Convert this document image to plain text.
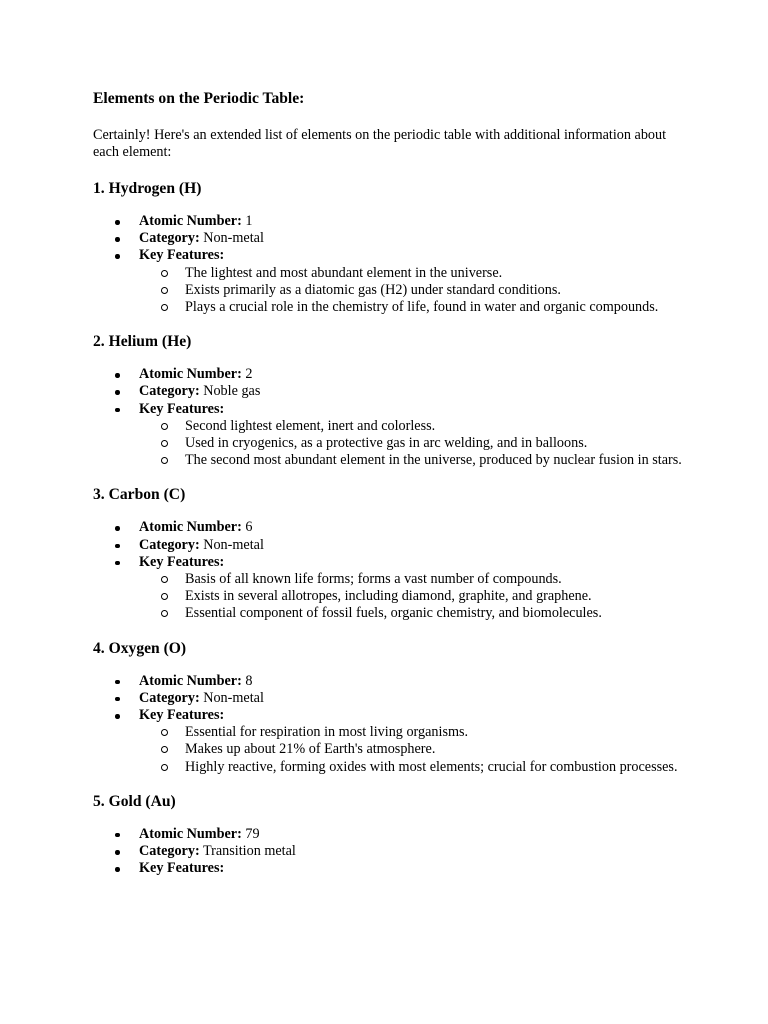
Elements on the Periodic Table:
Certainly! Here's an extended list of elements on the periodic table with additional information about each element:
1. Hydrogen (H)
Atomic Number: 1
Category: Non-metal
Key Features:
The lightest and most abundant element in the universe.
Exists primarily as a diatomic gas (H2) under standard conditions.
Plays a crucial role in the chemistry of life, found in water and organic compounds.
2. Helium (He)
Atomic Number: 2
Category: Noble gas
Key Features:
Second lightest element, inert and colorless.
Used in cryogenics, as a protective gas in arc welding, and in balloons.
The second most abundant element in the universe, produced by nuclear fusion in stars.
3. Carbon (C)
Atomic Number: 6
Category: Non-metal
Key Features:
Basis of all known life forms; forms a vast number of compounds.
Exists in several allotropes, including diamond, graphite, and graphene.
Essential component of fossil fuels, organic chemistry, and biomolecules.
4. Oxygen (O)
Atomic Number: 8
Category: Non-metal
Key Features:
Essential for respiration in most living organisms.
Makes up about 21% of Earth's atmosphere.
Highly reactive, forming oxides with most elements; crucial for combustion processes.
5. Gold (Au)
Atomic Number: 79
Category: Transition metal
Key Features:
